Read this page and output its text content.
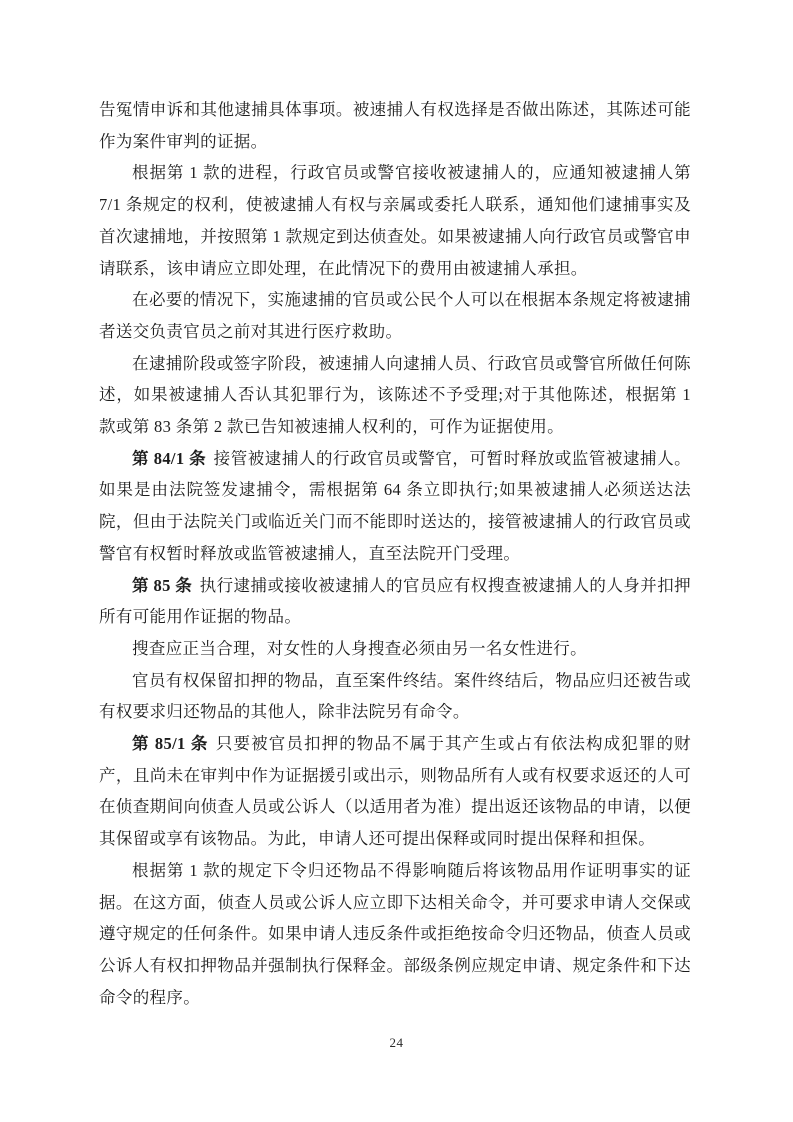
告冤情申诉和其他逮捕具体事项。被速捕人有权选择是否做出陈述，其陈述可能作为案件审判的证据。

根据第 1 款的进程，行政官员或警官接收被逮捕人的，应通知被逮捕人第 7/1 条规定的权利，使被逮捕人有权与亲属或委托人联系，通知他们逮捕事实及首次逮捕地，并按照第 1 款规定到达侦查处。如果被逮捕人向行政官员或警官申请联系，该申请应立即处理，在此情况下的费用由被逮捕人承担。

在必要的情况下，实施逮捕的官员或公民个人可以在根据本条规定将被逮捕者送交负责官员之前对其进行医疗救助。

在逮捕阶段或签字阶段，被速捕人向逮捕人员、行政官员或警官所做任何陈述，如果被逮捕人否认其犯罪行为，该陈述不予受理;对于其他陈述，根据第 1 款或第 83 条第 2 款已告知被速捕人权利的，可作为证据使用。

第 84/1 条 接管被逮捕人的行政官员或警官，可暂时释放或监管被逮捕人。如果是由法院签发逮捕令，需根据第 64 条立即执行;如果被逮捕人必须送达法院，但由于法院关门或临近关门而不能即时送达的，接管被逮捕人的行政官员或警官有权暂时释放或监管被逮捕人，直至法院开门受理。

第 85 条 执行逮捕或接收被逮捕人的官员应有权搜查被逮捕人的人身并扣押所有可能用作证据的物品。

搜查应正当合理，对女性的人身搜查必须由另一名女性进行。

官员有权保留扣押的物品，直至案件终结。案件终结后，物品应归还被告或有权要求归还物品的其他人，除非法院另有命令。

第 85/1 条 只要被官员扣押的物品不属于其产生或占有依法构成犯罪的财产，且尚未在审判中作为证据援引或出示，则物品所有人或有权要求返还的人可在侦查期间向侦查人员或公诉人（以适用者为准）提出返还该物品的申请，以便其保留或享有该物品。为此，申请人还可提出保释或同时提出保释和担保。

根据第 1 款的规定下令归还物品不得影响随后将该物品用作证明事实的证据。在这方面，侦查人员或公诉人应立即下达相关命令，并可要求申请人交保或遵守规定的任何条件。如果申请人违反条件或拒绝按命令归还物品，侦查人员或公诉人有权扣押物品并强制执行保释金。部级条例应规定申请、规定条件和下达命令的程序。

24
